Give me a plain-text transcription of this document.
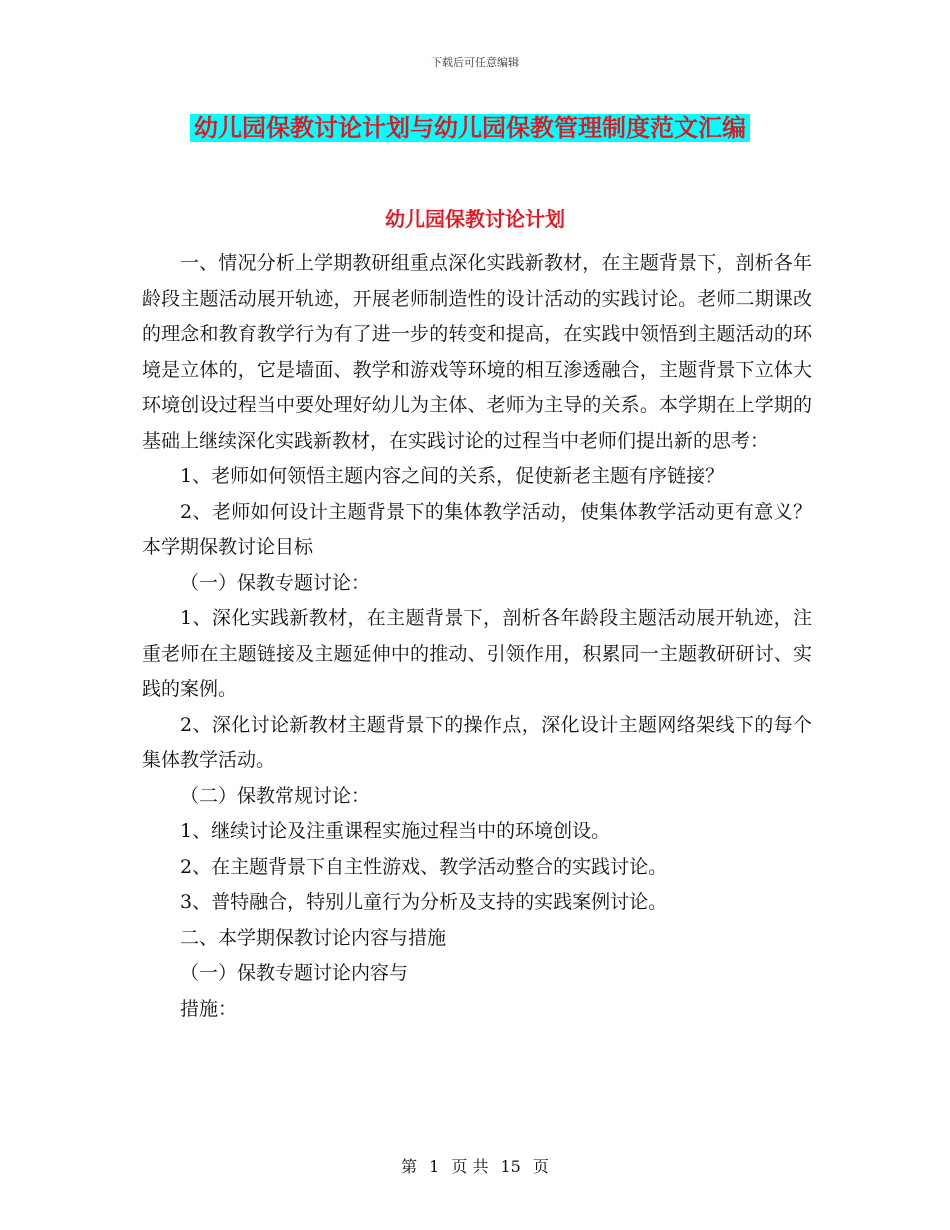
下载后可任意编辑
幼儿园保教讨论计划与幼儿园保教管理制度范文汇编
幼儿园保教讨论计划

一、情况分析上学期教研组重点深化实践新教材，在主题背景下，剖析各年龄段主题活动展开轨迹，开展老师制造性的设计活动的实践讨论。老师二期课改的理念和教育教学行为有了进一步的转变和提高，在实践中领悟到主题活动的环境是立体的，它是墙面、教学和游戏等环境的相互渗透融合，主题背景下立体大环境创设过程当中要处理好幼儿为主体、老师为主导的关系。本学期在上学期的基础上继续深化实践新教材，在实践讨论的过程当中老师们提出新的思考：

1、老师如何领悟主题内容之间的关系，促使新老主题有序链接？

2、老师如何设计主题背景下的集体教学活动，使集体教学活动更有意义？本学期保教讨论目标

（一）保教专题讨论：

1、深化实践新教材，在主题背景下，剖析各年龄段主题活动展开轨迹，注重老师在主题链接及主题延伸中的推动、引领作用，积累同一主题教研研讨、实践的案例。

2、深化讨论新教材主题背景下的操作点，深化设计主题网络架线下的每个集体教学活动。

（二）保教常规讨论：

1、继续讨论及注重课程实施过程当中的环境创设。

2、在主题背景下自主性游戏、教学活动整合的实践讨论。

3、普特融合，特别儿童行为分析及支持的实践案例讨论。

二、本学期保教讨论内容与措施

（一）保教专题讨论内容与

措施：

第 1 页 共 15 页
